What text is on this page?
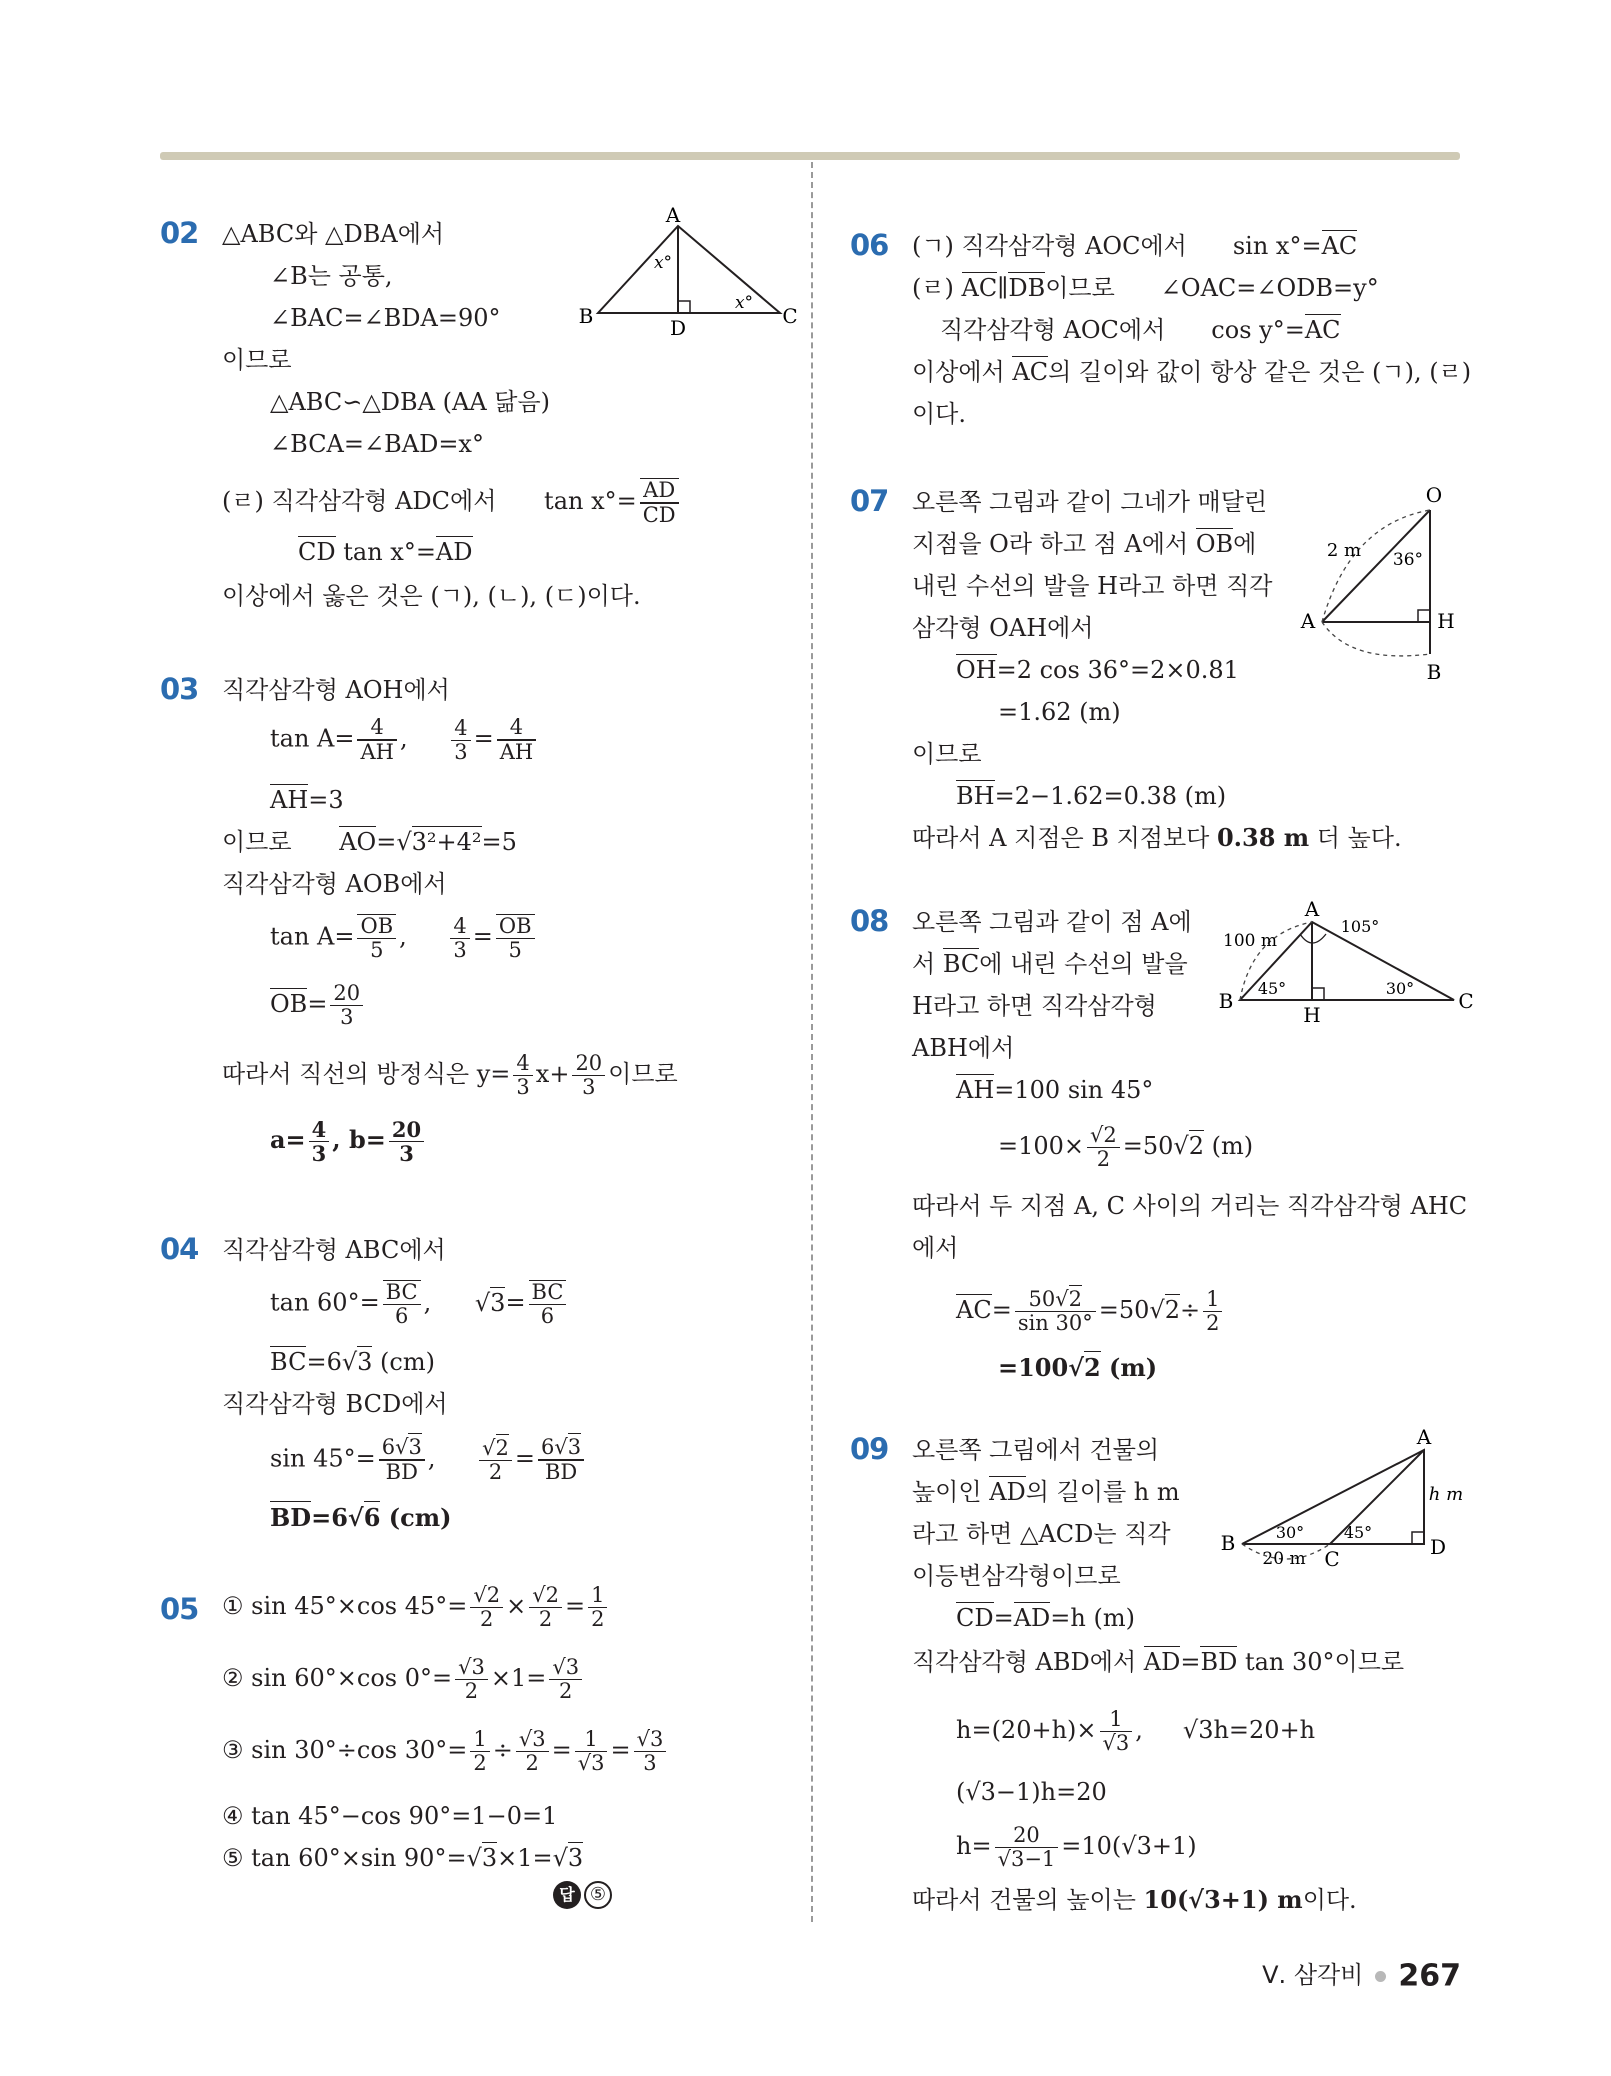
02 △ABC와 △DBA에서
∠B는 공통,
∠BAC=∠BDA=90°
이므로
△ABC∽△DBA (AA 닮음)
∠BCA=∠BAD=x°
(ㄹ) 직각삼각형 ADC에서 $\tan x^\circ= \frac{AD}{CD}$
CD tan x°=AD
이상에서 옳은 것은 (ㄱ), (ㄴ), (ㄷ)이다.
A
B	C
D
x°
x°
03 직각삼각형 AOH에서
$\tan A= \frac{4}{AH}$ , $\frac{4}{3} = \frac{4}{AH}$
AH=3
이므로 AO=√3²+4²=5
직각삼각형 AOB에서
$\tan A= \frac{OB}{5}$ , $\frac{4}{3} = \frac{OB}{5}$
$OB= \frac{20}{3}$
따라서 직선의 방정식은 $y= \frac{4}{3} x+ \frac{20}{3}$ 이므로
$a= \frac{4}{3}$ , $b= \frac{20}{3}$
04 직각삼각형 ABC에서
$\tan 60^\circ= \frac{BC}{6}$ , $√3= \frac{BC}{6}$
BC=6√3 (cm)
직각삼각형 BCD에서
$\sin 45^\circ= \frac{6√3}{BD}$ , $\frac{√2}{2} = \frac{6√3}{BD}$
BD=6√6 (cm)
05 ① sin 45°×cos $45^\circ= \frac{√2}{2} \times \frac{√2}{2} = \frac{1}{2}$
② sin 60°×cos $0^\circ= \frac{√3}{2} \times 1= \frac{√3}{2}$
③ sin 30°÷cos $30^\circ= \frac{1}{2} \div \frac{√3}{2} = \frac{1}{√3} = \frac{√3}{3}$
④ tan 45°−cos 90°=1−0=1
⑤ tan 60°×sin 90°=√3×1=√3
답 ⑤
06 (ㄱ) 직각삼각형 AOC에서 sin x°=AC
(ㄹ) AC∥DB이므로 ∠OAC=∠ODB=y°
직각삼각형 AOC에서 cos y°=AC
이상에서 AC의 길이와 값이 항상 같은 것은 (ㄱ), (ㄹ)
이다.
07 오른쪽 그림과 같이 그네가 매달린
지점을 O라 하고 점 A에서 OB에
내린 수선의 발을 H라고 하면 직각
삼각형 OAH에서
OH=2 cos 36°=2×0.81
=1.62 (m)
이므로
BH=2−1.62=0.38 (m)
따라서 A 지점은 B 지점보다 0.38 m 더 높다.
O
A	H
B
2 m 36°
08 오른쪽 그림과 같이 점 A에
서 BC에 내린 수선의 발을
H라고 하면 직각삼각형
ABH에서
AH=100 sin 45°
$=100\times \frac{√2}{2} =50√2$ (m)
따라서 두 지점 A, C 사이의 거리는 직각삼각형 AHC
에서
$AC= \frac{50√2}{\sin 30^\circ} =50√2\div \frac{1}{2}$
=100√2 (m)
A
B
H
C
100 m
45°	30°
105°
09 오른쪽 그림에서 건물의
높이인 AD의 길이를 h m
라고 하면 △ACD는 직각
이등변삼각형이므로
CD=AD=h (m)
직각삼각형 ABD에서 AD=BD tan 30°이므로
$h=(20+h)\times \frac{1}{√3}$ , √3h=20+h
(√3−1)h=20
$h= \frac{20}{√3-1} =10(√3+1)$
따라서 건물의 높이는 10(√3+1) m이다.
A
B
C	D
h m
20 m
30° 45°
Ⅴ. 삼각비 267
